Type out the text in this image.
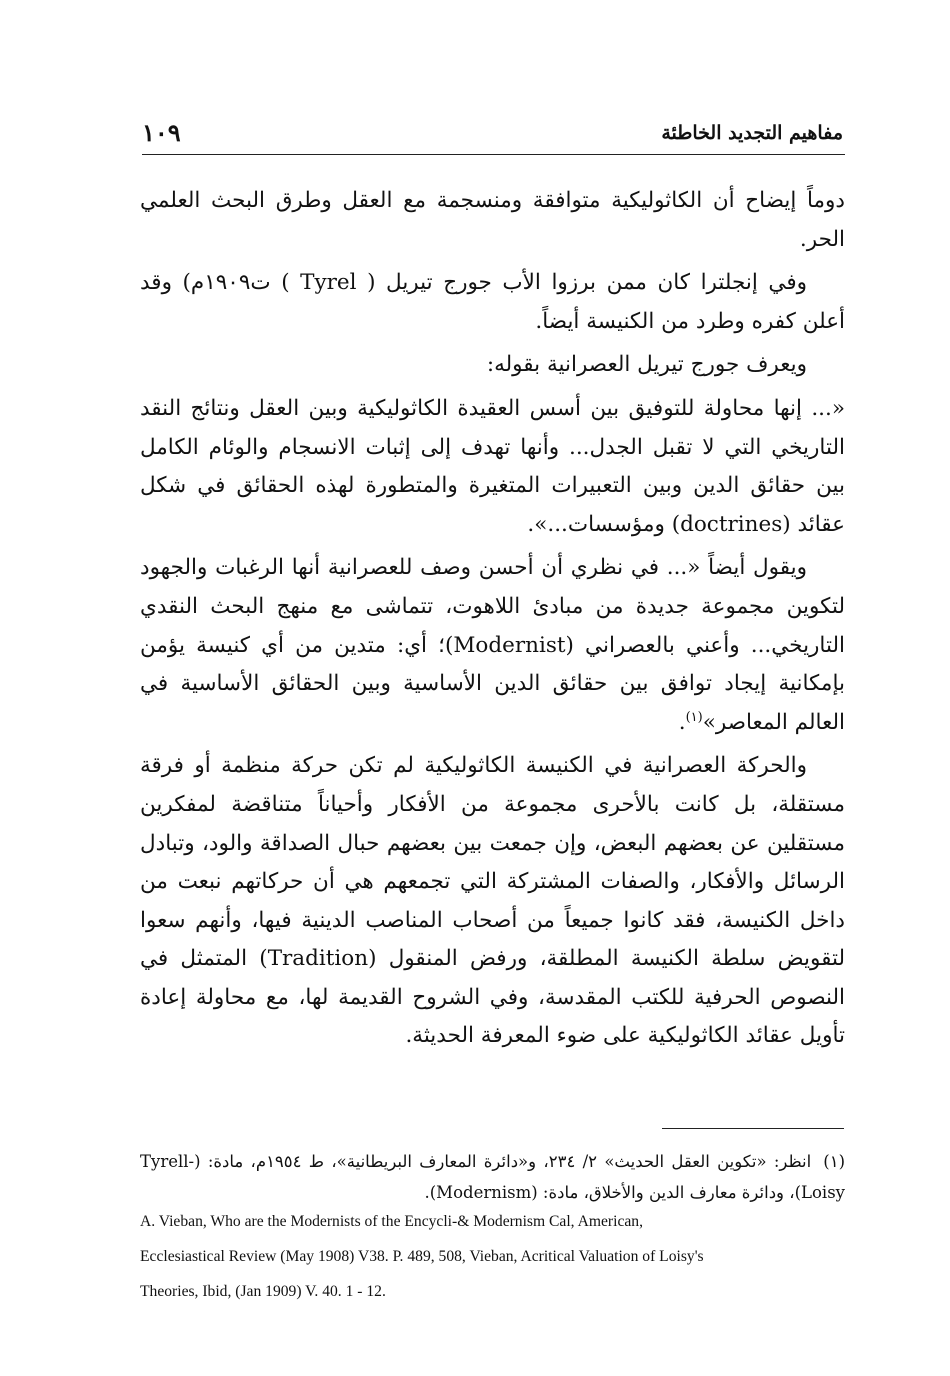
١٠٩	مفاهيم التجديد الخاطئة

دوماً إيضاح أن الكاثوليكية متوافقة ومنسجمة مع العقل وطرق البحث العلمي الحر.

وفي إنجلترا كان ممن برزوا الأب جورج تيريل ( Tyrel ) ت١٩٠٩م) وقد أعلن كفره وطرد من الكنيسة أيضاً.

ويعرف جورج تيريل العصرانية بقوله:

«... إنها محاولة للتوفيق بين أسس العقيدة الكاثوليكية وبين العقل ونتائج النقد التاريخي التي لا تقبل الجدل... وأنها تهدف إلى إثبات الانسجام والوئام الكامل بين حقائق الدين وبين التعبيرات المتغيرة والمتطورة لهذه الحقائق في شكل عقائد (doctrines) ومؤسسات...».

ويقول أيضاً «... في نظري أن أحسن وصف للعصرانية أنها الرغبات والجهود لتكوين مجموعة جديدة من مبادئ اللاهوت، تتماشى مع منهج البحث النقدي التاريخي... وأعني بالعصراني (Modernist)؛ أي: متدين من أي كنيسة يؤمن بإمكانية إيجاد توافق بين حقائق الدين الأساسية وبين الحقائق الأساسية في العالم المعاصر»$^{(١)}$.

والحركة العصرانية في الكنيسة الكاثوليكية لم تكن حركة منظمة أو فرقة مستقلة، بل كانت بالأحرى مجموعة من الأفكار وأحياناً متناقضة لمفكرين مستقلين عن بعضهم البعض، وإن جمعت بين بعضهم حبال الصداقة والود، وتبادل الرسائل والأفكار، والصفات المشتركة التي تجمعهم هي أن حركاتهم نبعت من داخل الكنيسة، فقد كانوا جميعاً من أصحاب المناصب الدينية فيها، وأنهم سعوا لتقويض سلطة الكنيسة المطلقة، ورفض المنقول (Tradition) المتمثل في النصوص الحرفية للكتب المقدسة، وفي الشروح القديمة لها، مع محاولة إعادة تأويل عقائد الكاثوليكية على ضوء المعرفة الحديثة.

(١)انظر: «تكوين العقل الحديث» ٢/ ٢٣٤، و«دائرة المعارف البريطانية»، ط ١٩٥٤م، مادة: (Tyrell-Loisy)، ودائرة معارف الدين والأخلاق، مادة: (Modernism).
A. Vieban, Who are the Modernists of the Encycli-& Modernism Cal, American,
Ecclesiastical Review (May 1908) V38. P. 489, 508, Vieban, Acritical Valuation of Loisy's
Theories, Ibid, (Jan 1909) V. 40. 1 - 12.
